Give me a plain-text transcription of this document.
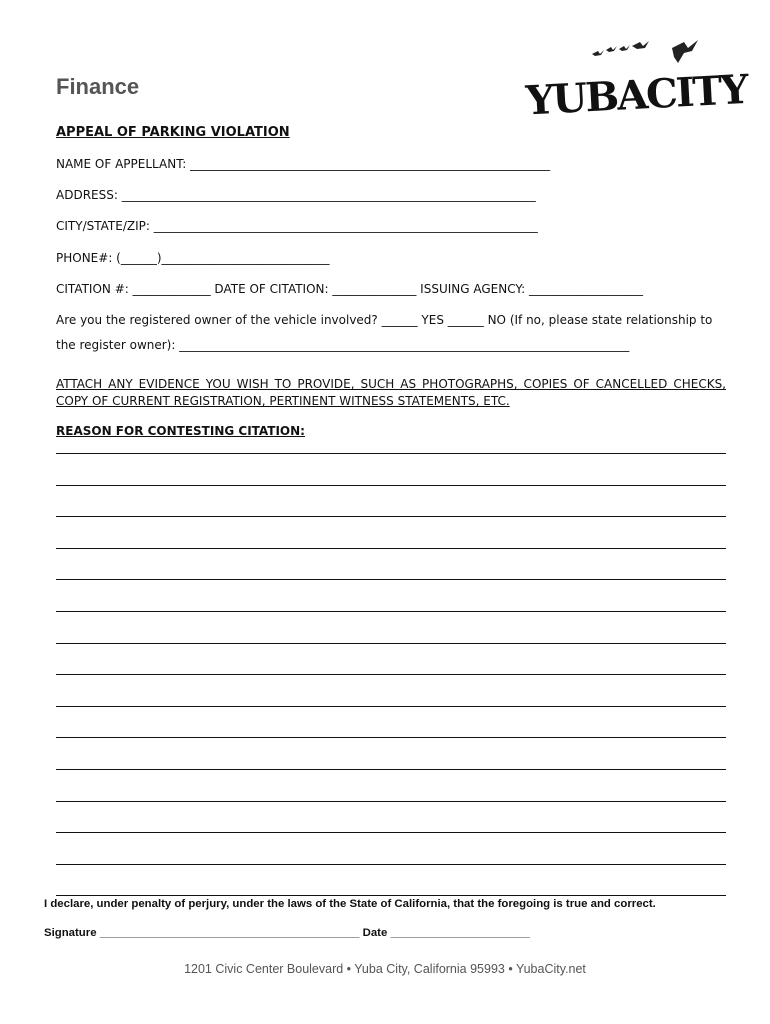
Finance	YUBACITY
APPEAL OF PARKING VIOLATION
NAME OF APPELLANT: ____________________________________________________________
ADDRESS: _____________________________________________________________________
CITY/STATE/ZIP: ________________________________________________________________
PHONE#: (______)____________________________
CITATION #: _____________ DATE OF CITATION: ______________ ISSUING AGENCY: ___________________
Are you the registered owner of the vehicle involved? ______ YES ______ NO (If no, please state relationship to
the register owner): ___________________________________________________________________________
ATTACH ANY EVIDENCE YOU WISH TO PROVIDE, SUCH AS PHOTOGRAPHS, COPIES OF CANCELLED CHECKS, COPY OF CURRENT REGISTRATION, PERTINENT WITNESS STATEMENTS, ETC.
REASON FOR CONTESTING CITATION:
I declare, under penalty of perjury, under the laws of the State of California, that the foregoing is true and correct.
Signature _________________________________________ Date ______________________
1201 Civic Center Boulevard • Yuba City, California 95993 • YubaCity.net
